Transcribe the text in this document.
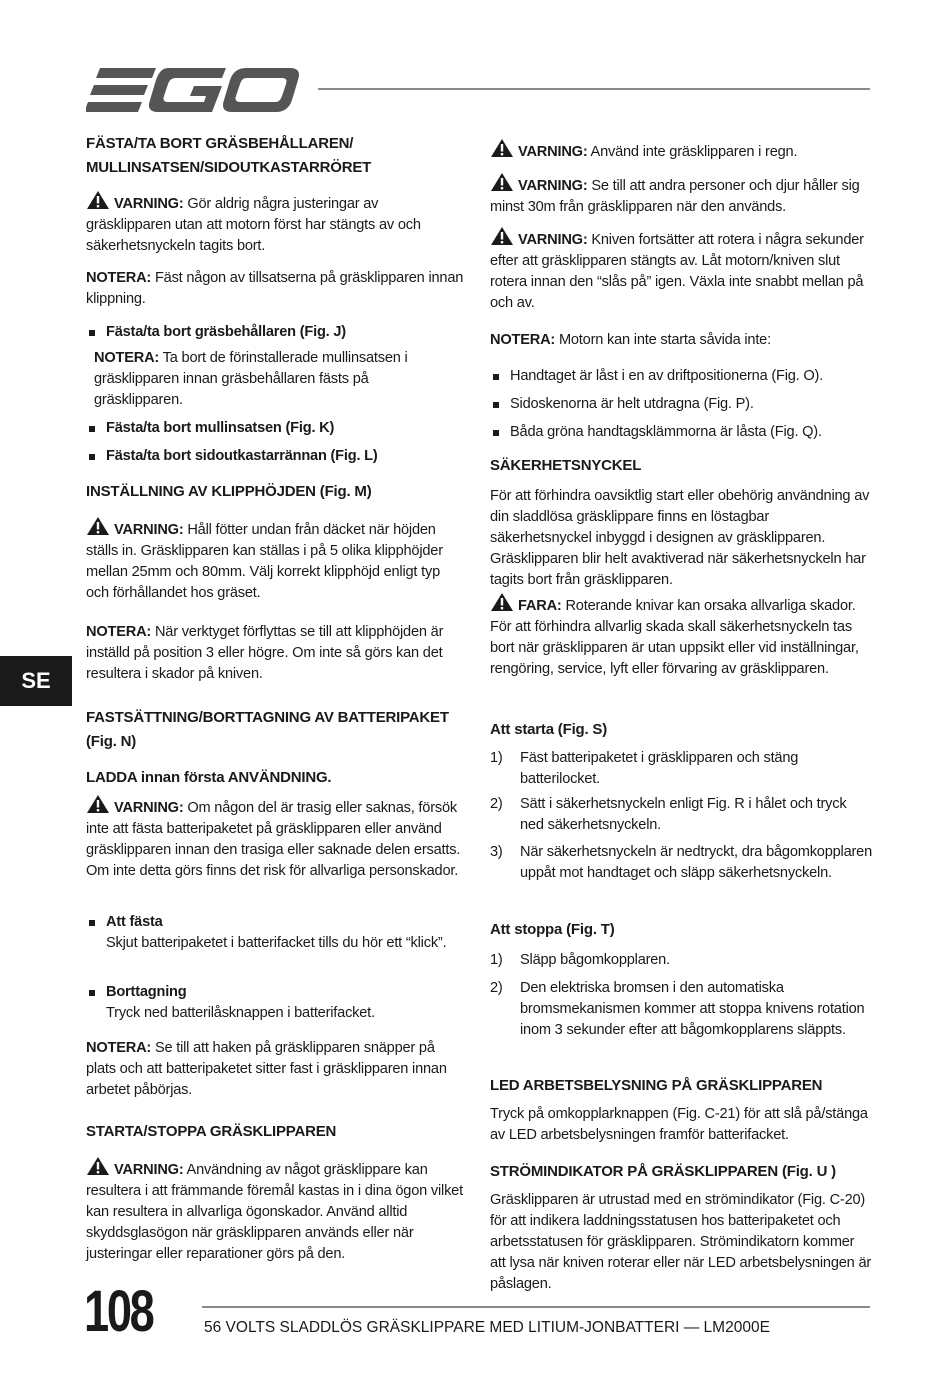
FÄSTA/TA BORT GRÄSBEHÅLLAREN/
MULLINSATSEN/SIDOUTKASTARRÖRET
VARNING: Gör aldrig några justeringar av gräsklipparen utan att motorn först har stängts av och säkerhetsnyckeln tagits bort.
NOTERA: Fäst någon av tillsatserna på gräsklipparen innan klippning.
Fästa/ta bort gräsbehållaren (Fig. J)
NOTERA: Ta bort de förinstallerade mullinsatsen i gräsklipparen innan gräsbehållaren fästs på gräsklipparen.
Fästa/ta bort mullinsatsen (Fig. K)
Fästa/ta bort sidoutkastarrännan (Fig. L)
INSTÄLLNING AV KLIPPHÖJDEN (Fig. M)
VARNING: Håll fötter undan från däcket när höjden ställs in. Gräsklipparen kan ställas i på 5 olika klipphöjder mellan 25mm och 80mm. Välj korrekt klipphöjd enligt typ och förhållandet hos gräset.
NOTERA: När verktyget förflyttas se till att klipphöjden är inställd på position 3 eller högre. Om inte så görs kan det resultera i skador på kniven.
FASTSÄTTNING/BORTTAGNING AV BATTERIPAKET
(Fig. N)
LADDA innan första ANVÄNDNING.
VARNING: Om någon del är trasig eller saknas, försök inte att fästa batteripaketet på gräsklipparen eller använd gräsklipparen innan den trasiga eller saknade delen ersatts. Om inte detta görs finns det risk för allvarliga personskador.
Att fästa
Skjut batteripaketet i batterifacket tills du hör ett “klick”.
Borttagning
Tryck ned batterilåsknappen i batterifacket.
NOTERA: Se till att haken på gräsklipparen snäpper på plats och att batteripaketet sitter fast i gräsklipparen innan arbetet påbörjas.
STARTA/STOPPA GRÄSKLIPPAREN
VARNING: Användning av något gräsklippare kan resultera i att främmande föremål kastas in i dina ögon vilket kan resultera in allvarliga ögonskador. Använd alltid skyddsglasögon när gräsklipparen används eller när justeringar eller reparationer görs på den.
VARNING: Använd inte gräsklipparen i regn.
VARNING: Se till att andra personer och djur håller sig minst 30m från gräsklipparen när den används.
VARNING: Kniven fortsätter att rotera i några sekunder efter att gräsklipparen stängts av. Låt motorn/kniven slut rotera innan den “slås på” igen. Växla inte snabbt mellan på och av.
NOTERA: Motorn kan inte starta såvida inte:
Handtaget är låst i en av driftpositionerna (Fig. O).
Sidoskenorna är helt utdragna (Fig. P).
Båda gröna handtagsklämmorna är låsta (Fig. Q).
SÄKERHETSNYCKEL
För att förhindra oavsiktlig start eller obehörig användning av din sladdlösa gräsklippare finns en löstagbar säkerhetsnyckel inbyggd i designen av gräsklipparen. Gräsklipparen blir helt avaktiverad när säkerhetsnyckeln har tagits bort från gräsklipparen.
FARA: Roterande knivar kan orsaka allvarliga skador. För att förhindra allvarlig skada skall säkerhetsnyckeln tas bort när gräsklipparen är utan uppsikt eller vid inställningar, rengöring, service, lyft eller förvaring av gräsklipparen.
Att starta (Fig. S)
1) Fäst batteripaketet i gräsklipparen och stäng batterilocket.
2) Sätt i säkerhetsnyckeln enligt Fig. R i hålet och tryck ned säkerhetsnyckeln.
3) När säkerhetsnyckeln är nedtryckt, dra bågomkopplaren uppåt mot handtaget och släpp säkerhetsnyckeln.
Att stoppa (Fig. T)
1) Släpp bågomkopplaren.
2) Den elektriska bromsen i den automatiska bromsmekanismen kommer att stoppa knivens rotation inom 3 sekunder efter att bågomkopplarens släppts.
LED ARBETSBELYSNING PÅ GRÄSKLIPPAREN
Tryck på omkopplarknappen (Fig. C-21) för att slå på/stänga av LED arbetsbelysningen framför batterifacket.
STRÖMINDIKATOR PÅ GRÄSKLIPPAREN (Fig. U )
Gräsklipparen är utrustad med en strömindikator (Fig. C-20) för att indikera laddningsstatusen hos batteripaketet och arbetsstatusen för gräsklipparen. Strömindikatorn kommer att lysa när kniven roterar eller när LED arbetsbelysningen är påslagen.
SE
108	56 VOLTS SLADDLÖS GRÄSKLIPPARE MED LITIUM-JONBATTERI — LM2000E
